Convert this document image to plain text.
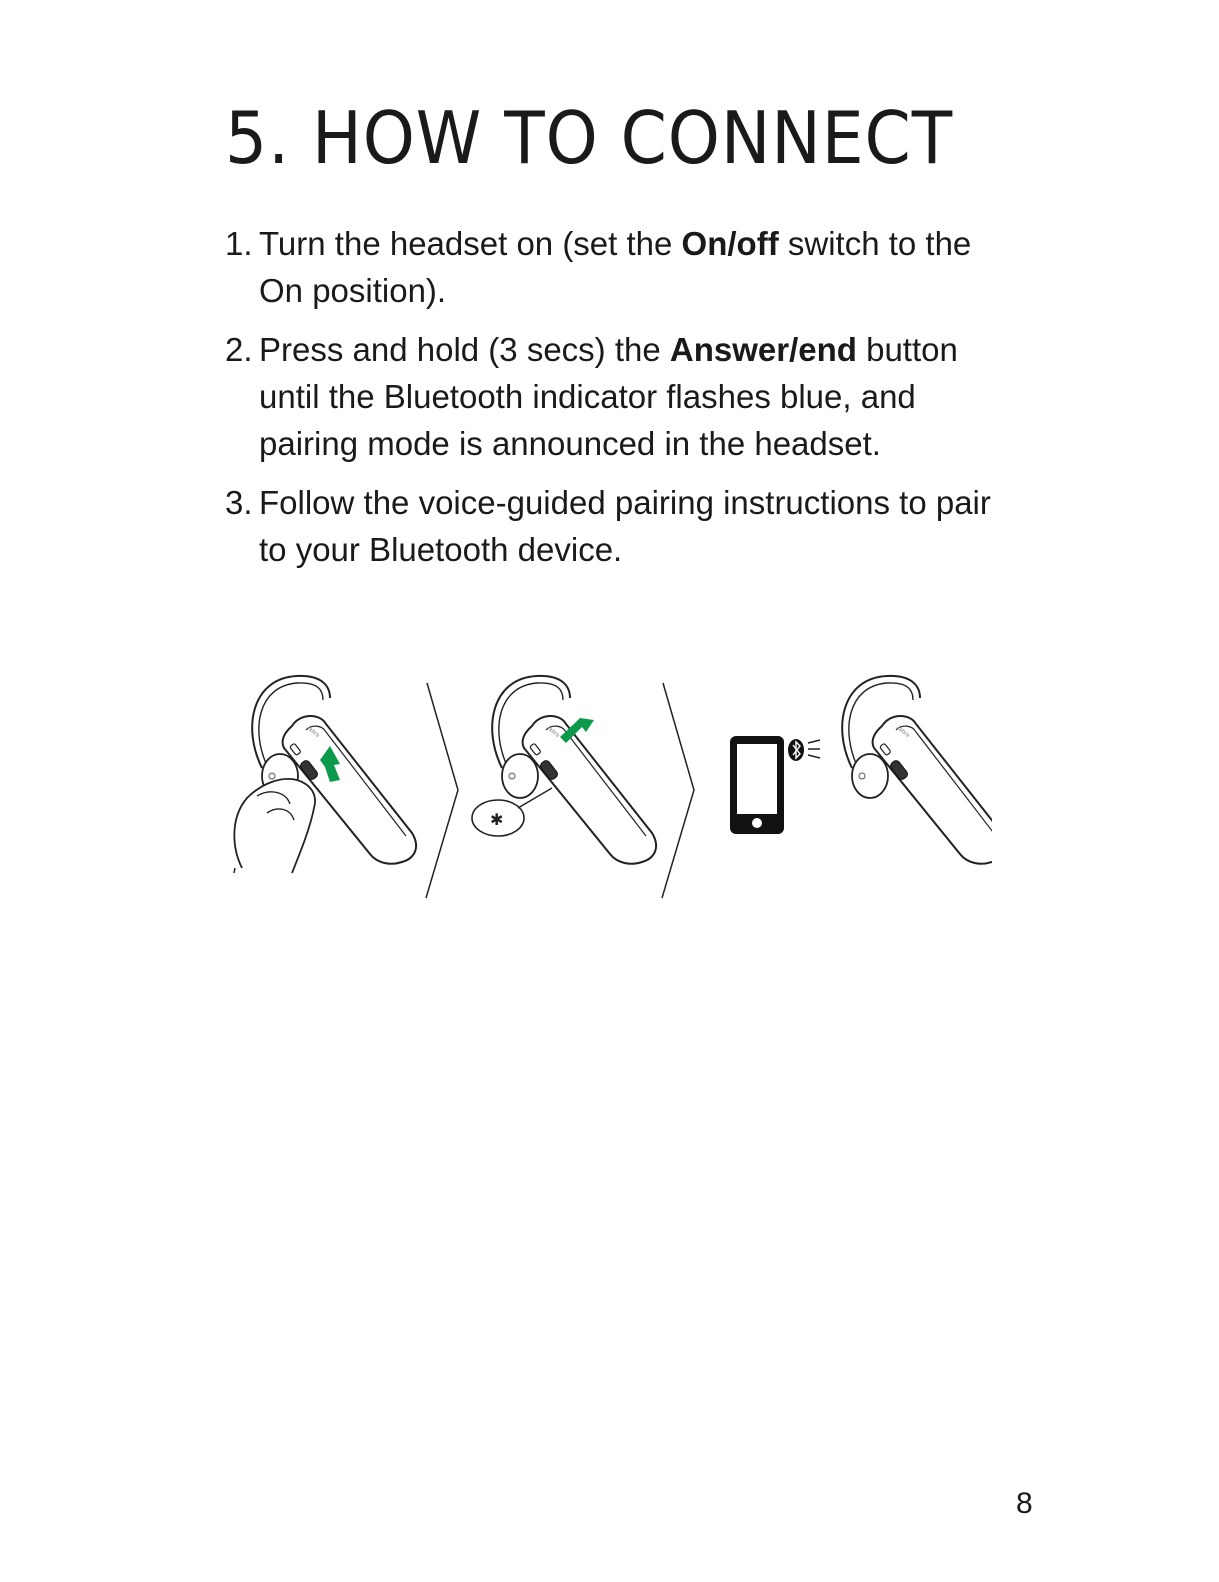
5. HOW TO CONNECT
1. Turn the headset on (set the On/off switch to the On position).
2. Press and hold (3 secs) the Answer/end button until the Bluetooth indicator flashes blue, and pairing mode is announced in the headset.
3. Follow the voice-guided pairing instructions to pair to your Bluetooth device.
✱
8
